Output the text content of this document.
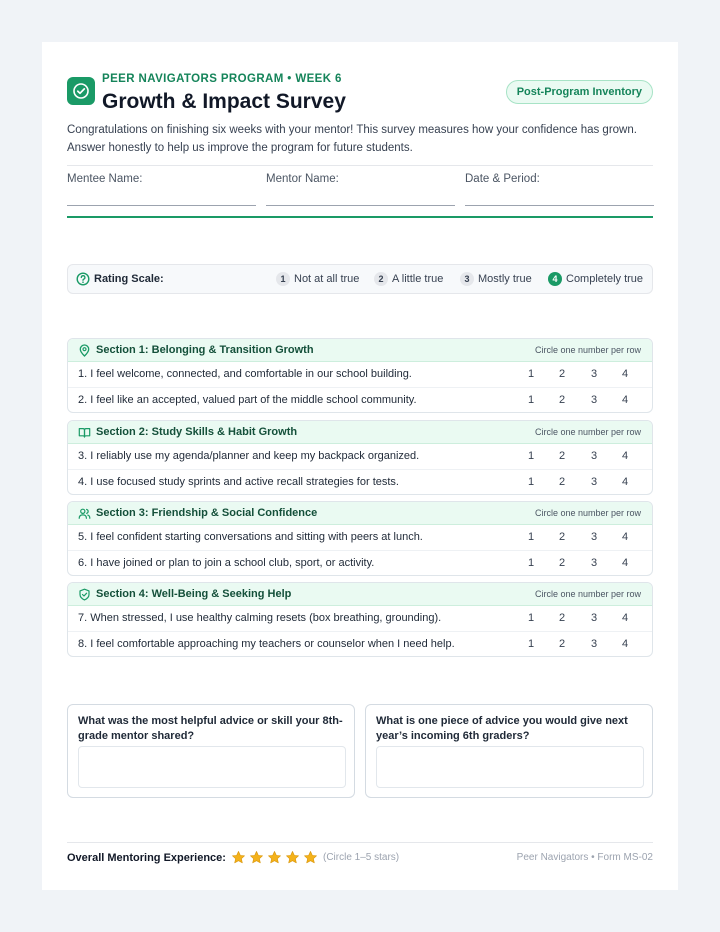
PEER NAVIGATORS PROGRAM • WEEK 6
Growth & Impact Survey	Post-Program Inventory
Congratulations on finishing six weeks with your mentor! This survey measures how your confidence has grown. Answer honestly to help us improve the program for future students.
Mentee Name:	Mentor Name:	Date & Period:
Rating Scale:	1 Not at all true	2 A little true	3 Mostly true	4 Completely true
Section 1: Belonging & Transition Growth	Circle one number per row
1. I feel welcome, connected, and comfortable in our school building.	1	2	3	4
2. I feel like an accepted, valued part of the middle school community.	1	2	3	4
Section 2: Study Skills & Habit Growth	Circle one number per row
3. I reliably use my agenda/planner and keep my backpack organized.	1	2	3	4
4. I use focused study sprints and active recall strategies for tests.	1	2	3	4
Section 3: Friendship & Social Confidence	Circle one number per row
5. I feel confident starting conversations and sitting with peers at lunch.	1	2	3	4
6. I have joined or plan to join a school club, sport, or activity.	1	2	3	4
Section 4: Well-Being & Seeking Help	Circle one number per row
7. When stressed, I use healthy calming resets (box breathing, grounding).	1	2	3	4
8. I feel comfortable approaching my teachers or counselor when I need help.	1	2	3	4
What was the most helpful advice or skill your 8th-grade mentor shared?
What is one piece of advice you would give next year’s incoming 6th graders?
Overall Mentoring Experience:	(Circle 1–5 stars)	Peer Navigators • Form MS-02
